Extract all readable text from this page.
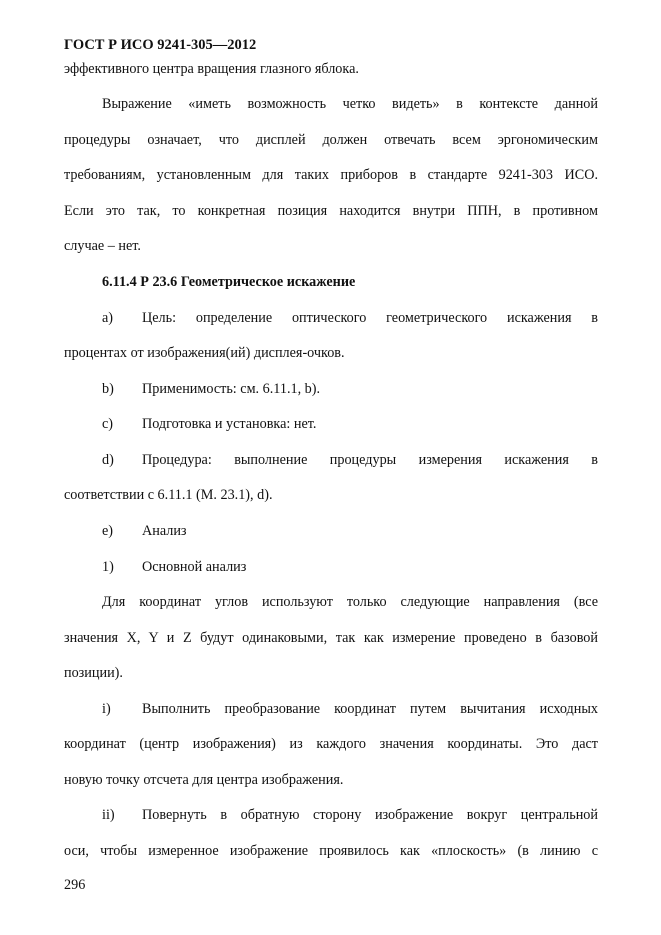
ГОСТ Р ИСО 9241-305—2012
эффективного центра вращения глазного яблока.
Выражение «иметь возможность четко видеть» в контексте данной
процедуры означает, что дисплей должен отвечать всем эргономическим
требованиям, установленным для таких приборов в стандарте 9241-303 ИСО.
Если это так, то конкретная позиция находится внутри ППН, в противном
случае – нет.
6.11.4 Р 23.6 Геометрическое искажение
a) Цель: определение оптического геометрического искажения в
процентах от изображения(ий) дисплея-очков.
b) Применимость: см. 6.11.1, b).
c) Подготовка и установка: нет.
d) Процедура: выполнение процедуры измерения искажения в
соответствии с 6.11.1 (М. 23.1), d).
e) Анализ
1) Основной анализ
Для координат углов используют только следующие направления (все
значения X, Y и Z будут одинаковыми, так как измерение проведено в базовой
позиции).
i) Выполнить преобразование координат путем вычитания исходных
координат (центр изображения) из каждого значения координаты. Это даст
новую точку отсчета для центра изображения.
ii) Повернуть в обратную сторону изображение вокруг центральной
оси, чтобы измеренное изображение проявилось как «плоскость» (в линию с
296
